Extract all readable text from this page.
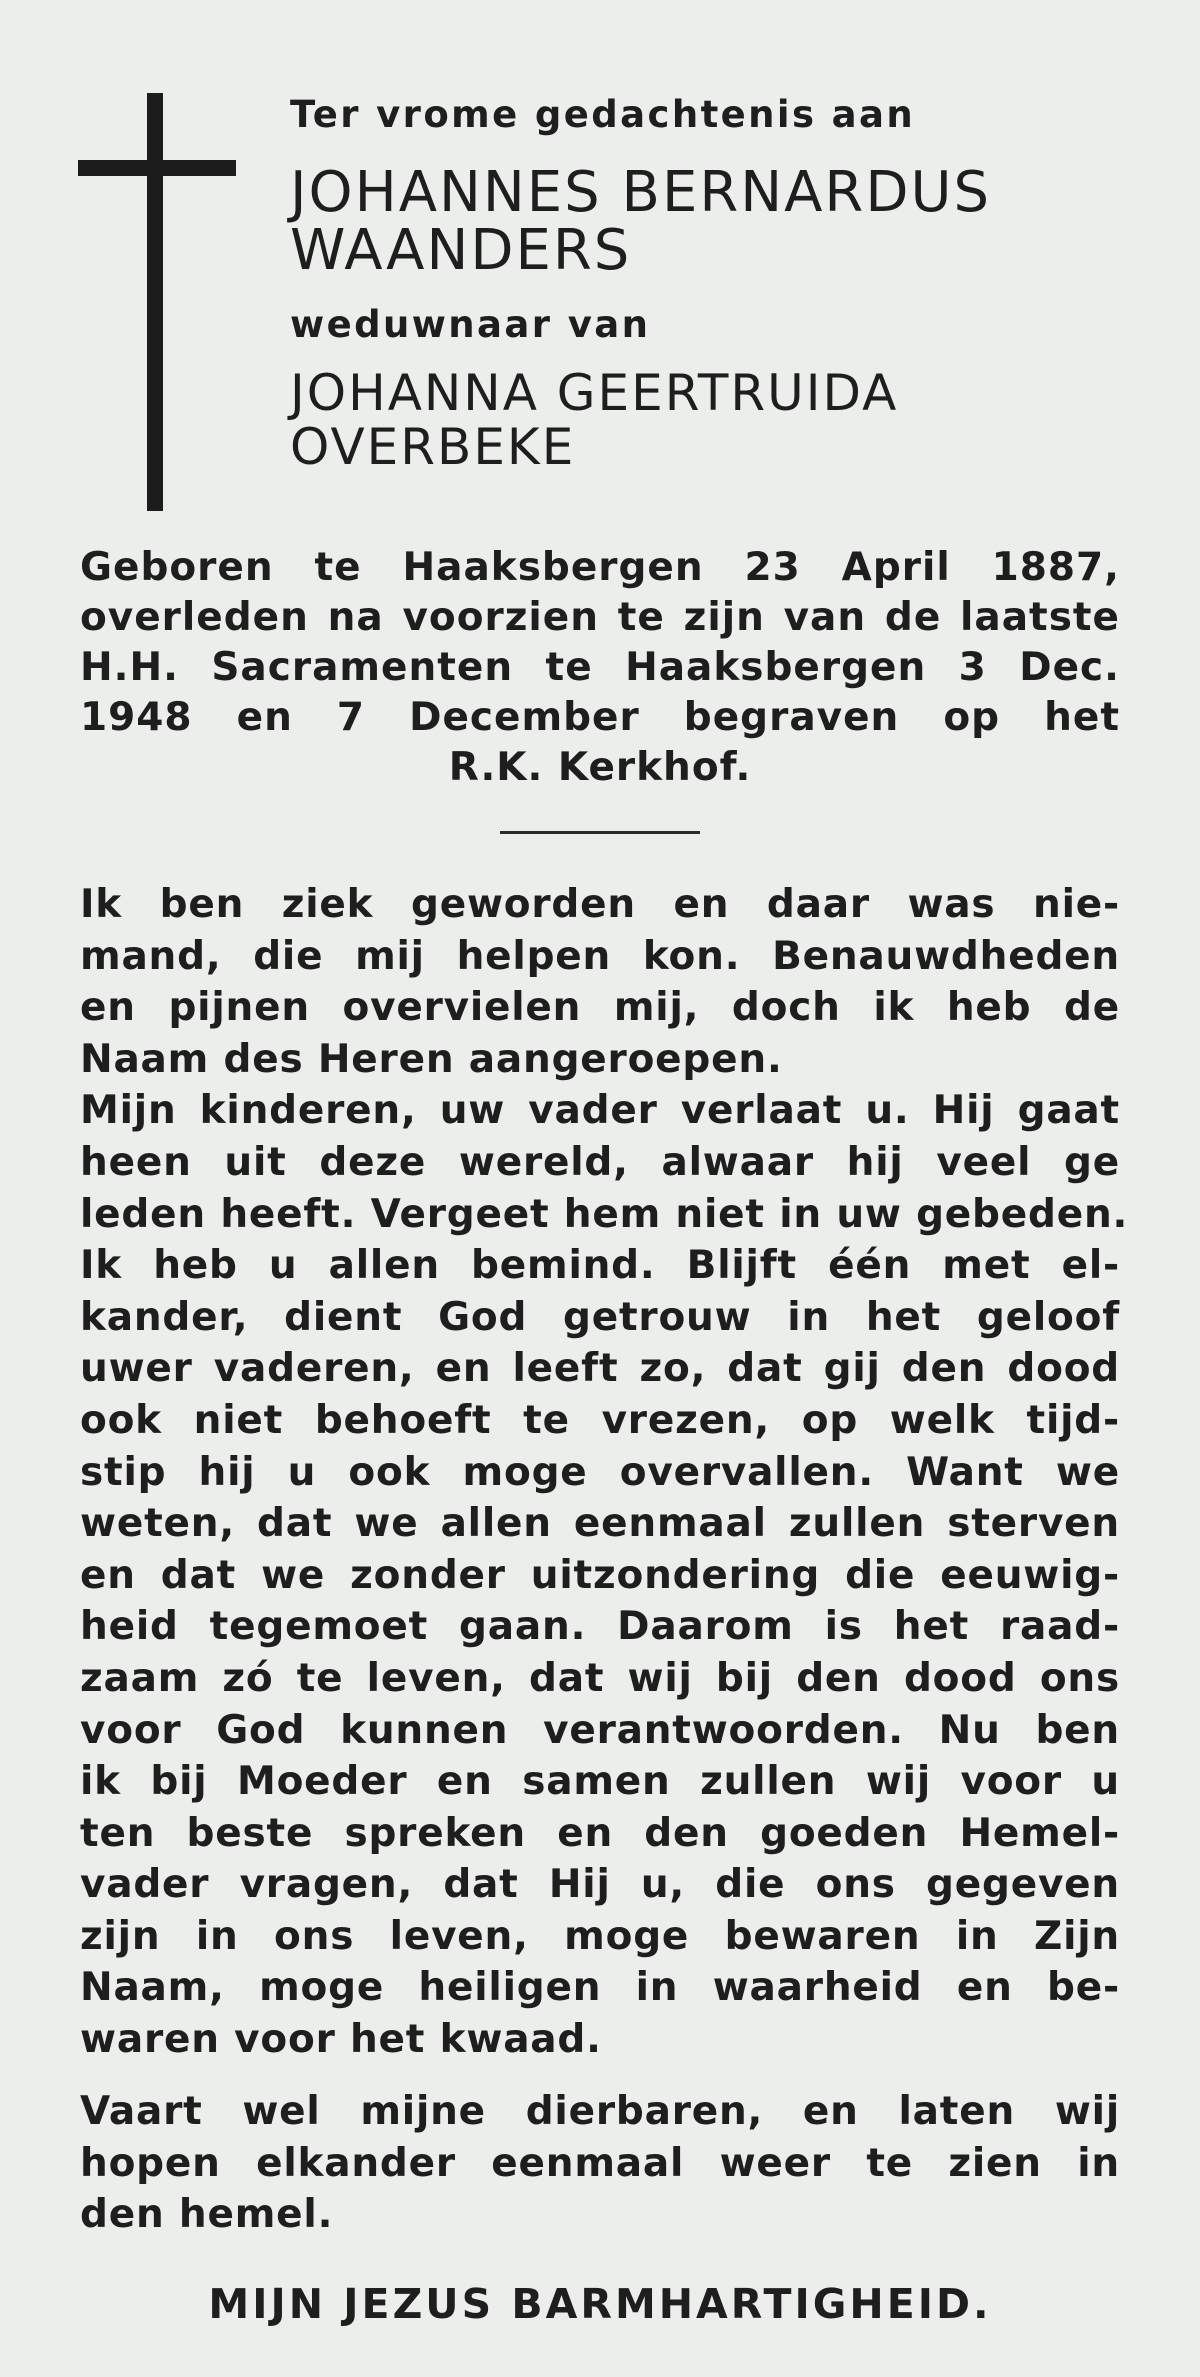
Ter vrome gedachtenis aan
JOHANNES BERNARDUS
WAANDERS
weduwnaar van
JOHANNA GEERTRUIDA
OVERBEKE
Geboren te Haaksbergen 23 April 1887,
overleden na voorzien te zijn van de laatste
H.H. Sacramenten te Haaksbergen 3 Dec.
1948 en 7 December begraven op het
R.K. Kerkhof.
Ik ben ziek geworden en daar was nie-
mand, die mij helpen kon. Benauwdheden
en pijnen overvielen mij, doch ik heb de
Naam des Heren aangeroepen.
Mijn kinderen, uw vader verlaat u. Hij gaat
heen uit deze wereld, alwaar hij veel ge
leden heeft. Vergeet hem niet in uw gebeden.
Ik heb u allen bemind. Blijft één met el-
kander, dient God getrouw in het geloof
uwer vaderen, en leeft zo, dat gij den dood
ook niet behoeft te vrezen, op welk tijd-
stip hij u ook moge overvallen. Want we
weten, dat we allen eenmaal zullen sterven
en dat we zonder uitzondering die eeuwig-
heid tegemoet gaan. Daarom is het raad-
zaam zó te leven, dat wij bij den dood ons
voor God kunnen verantwoorden. Nu ben
ik bij Moeder en samen zullen wij voor u
ten beste spreken en den goeden Hemel-
vader vragen, dat Hij u, die ons gegeven
zijn in ons leven, moge bewaren in Zijn
Naam, moge heiligen in waarheid en be-
waren voor het kwaad.
Vaart wel mijne dierbaren, en laten wij
hopen elkander eenmaal weer te zien in
den hemel.
MIJN JEZUS BARMHARTIGHEID.
